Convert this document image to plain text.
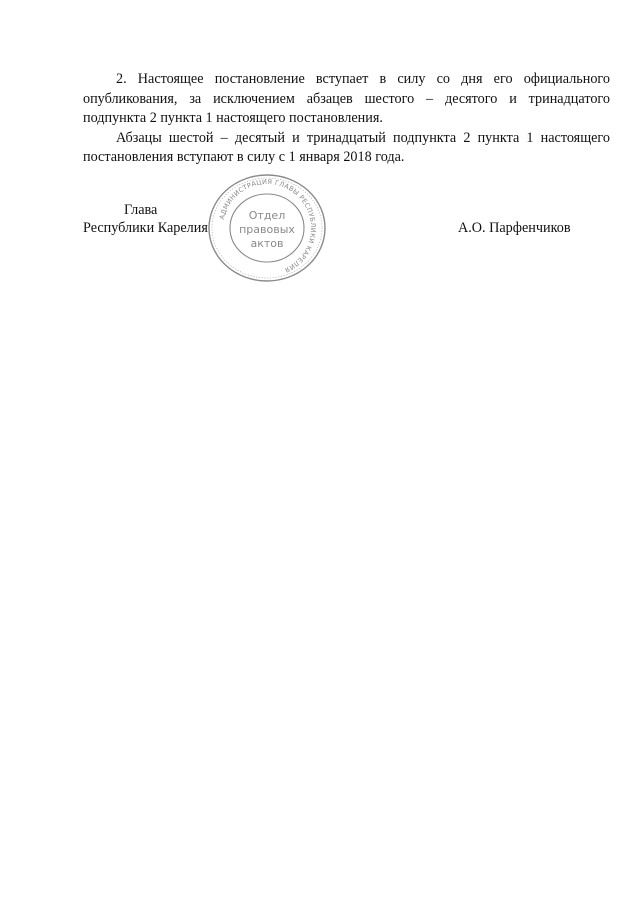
2. Настоящее постановление вступает в силу со дня его официального опубликования, за исключением абзацев шестого – десятого и тринадцатого подпункта 2 пункта 1 настоящего постановления.

Абзацы шестой – десятый и тринадцатый подпункта 2 пункта 1 настоящего постановления вступают в силу с 1 января 2018 года.

Глава
Республики Карелия
АДМИНИСТРАЦИЯ ГЛАВЫ РЕСПУБЛИКИ КАРЕЛИЯ
Отдел
правовых
актов
А.О. Парфенчиков
